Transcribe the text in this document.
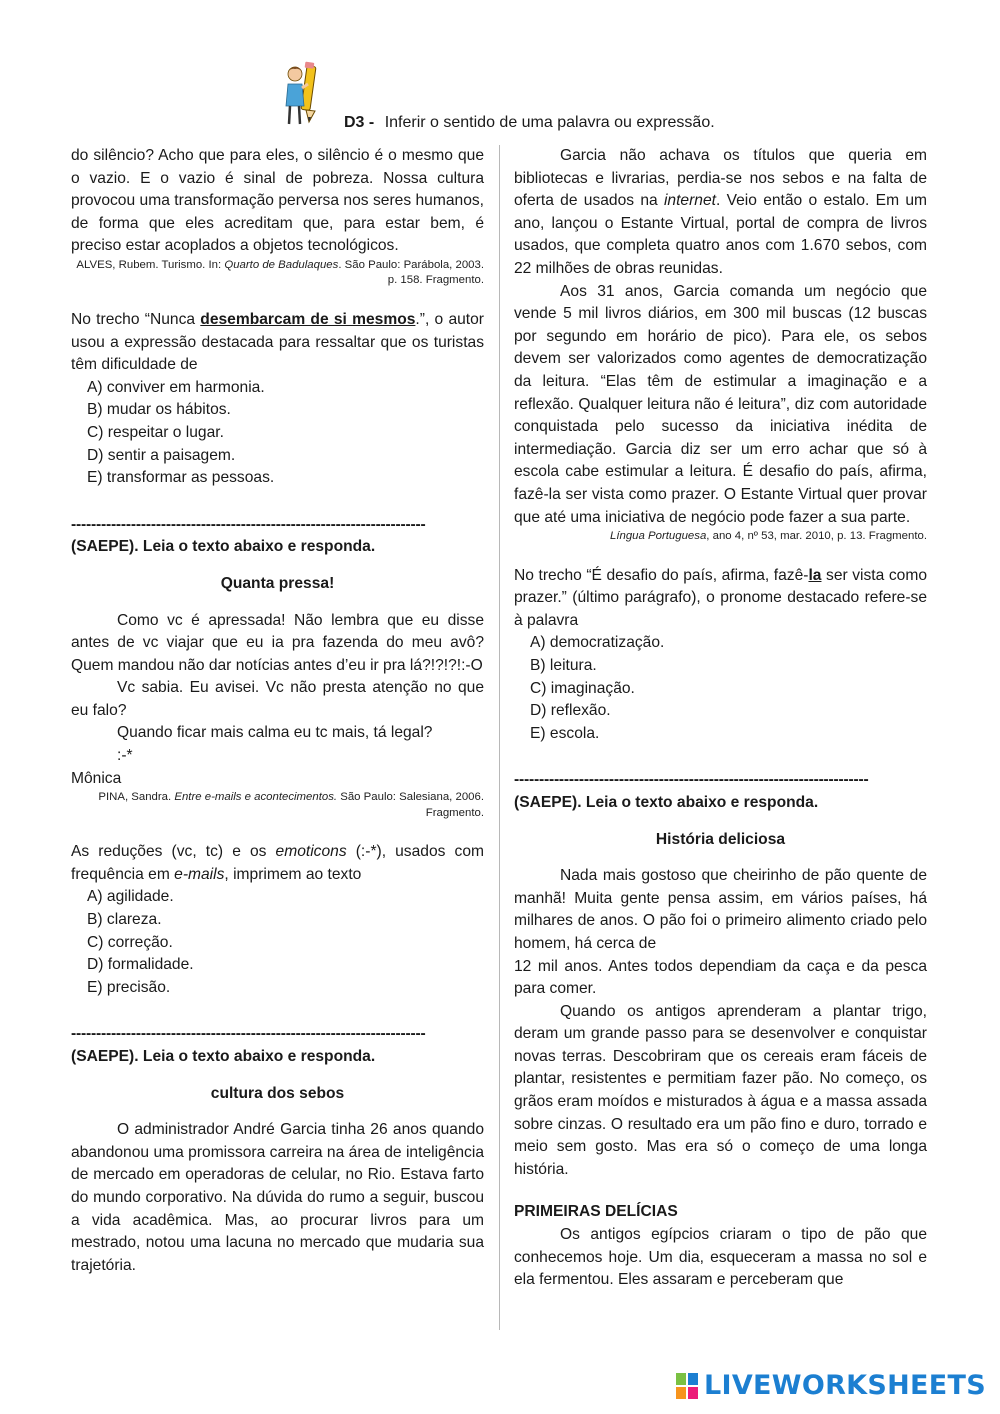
D3 - Inferir o sentido de uma palavra ou expressão.

do silêncio? Acho que para eles, o silêncio é o mesmo que o vazio. E o vazio é sinal de pobreza. Nossa cultura provocou uma transformação perversa nos seres humanos, de forma que eles acreditam que, para estar bem, é preciso estar acoplados a objetos tecnológicos.

ALVES, Rubem. Turismo. In: Quarto de Badulaques. São Paulo: Parábola, 2003. p. 158. Fragmento.

No trecho “Nunca desembarcam de si mesmos.”, o autor usou a expressão destacada para ressaltar que os turistas têm dificuldade de

A) conviver em harmonia.
B) mudar os hábitos.
C) respeitar o lugar.
D) sentir a paisagem.
E) transformar as pessoas.

-----------------------------------------------------------------------

(SAEPE). Leia o texto abaixo e responda.

Quanta pressa!

Como vc é apressada! Não lembra que eu disse antes de vc viajar que eu ia pra fazenda do meu avô? Quem mandou não dar notícias antes d’eu ir pra lá?!?!?!:-O

Vc sabia. Eu avisei. Vc não presta atenção no que eu falo?

Quando ficar mais calma eu tc mais, tá legal?

:-*

Mônica

PINA, Sandra. Entre e-mails e acontecimentos. São Paulo: Salesiana, 2006. Fragmento.

As reduções (vc, tc) e os emoticons (:-*), usados com frequência em e-mails, imprimem ao texto

A) agilidade.
B) clareza.
C) correção.
D) formalidade.
E) precisão.

-----------------------------------------------------------------------

(SAEPE). Leia o texto abaixo e responda.

cultura dos sebos

O administrador André Garcia tinha 26 anos quando abandonou uma promissora carreira na área de inteligência de mercado em operadoras de celular, no Rio. Estava farto do mundo corporativo. Na dúvida do rumo a seguir, buscou a vida acadêmica. Mas, ao procurar livros para um mestrado, notou uma lacuna no mercado que mudaria sua trajetória.

Garcia não achava os títulos que queria em bibliotecas e livrarias, perdia-se nos sebos e na falta de oferta de usados na internet. Veio então o estalo. Em um ano, lançou o Estante Virtual, portal de compra de livros usados, que completa quatro anos com 1.670 sebos, com 22 milhões de obras reunidas.

Aos 31 anos, Garcia comanda um negócio que vende 5 mil livros diários, em 300 mil buscas (12 buscas por segundo em horário de pico). Para ele, os sebos devem ser valorizados como agentes de democratização da leitura. “Elas têm de estimular a imaginação e a reflexão. Qualquer leitura não é leitura”, diz com autoridade conquistada pelo sucesso da iniciativa inédita de intermediação. Garcia diz ser um erro achar que só à escola cabe estimular a leitura. É desafio do país, afirma, fazê-la ser vista como prazer. O Estante Virtual quer provar que até uma iniciativa de negócio pode fazer a sua parte.

Língua Portuguesa, ano 4, nº 53, mar. 2010, p. 13. Fragmento.

No trecho “É desafio do país, afirma, fazê-la ser vista como prazer.” (último parágrafo), o pronome destacado refere-se à palavra

A) democratização.
B) leitura.
C) imaginação.
D) reflexão.
E) escola.

-----------------------------------------------------------------------

(SAEPE). Leia o texto abaixo e responda.

História deliciosa

Nada mais gostoso que cheirinho de pão quente de manhã! Muita gente pensa assim, em vários países, há milhares de anos. O pão foi o primeiro alimento criado pelo homem, há cerca de

12 mil anos. Antes todos dependiam da caça e da pesca para comer.

Quando os antigos aprenderam a plantar trigo, deram um grande passo para se desenvolver e conquistar novas terras. Descobriram que os cereais eram fáceis de plantar, resistentes e permitiam fazer pão. No começo, os grãos eram moídos e misturados à água e a massa assada sobre cinzas. O resultado era um pão fino e duro, torrado e meio sem gosto. Mas era só o começo de uma longa história.

PRIMEIRAS DELÍCIAS

Os antigos egípcios criaram o tipo de pão que conhecemos hoje. Um dia, esqueceram a massa no sol e ela fermentou. Eles assaram e perceberam que

LIVEWORKSHEETS
